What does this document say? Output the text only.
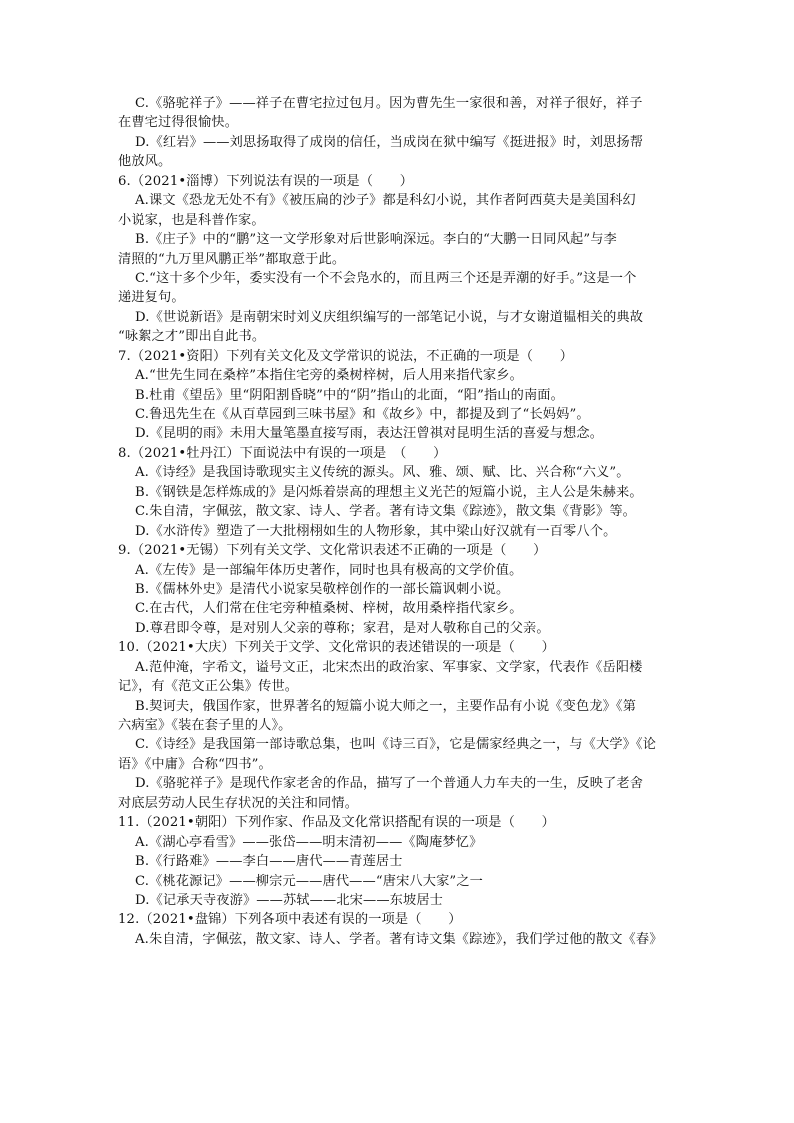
C.《骆驼祥子》——祥子在曹宅拉过包月。因为曹先生一家很和善，对祥子很好，祥子
在曹宅过得很愉快。
D.《红岩》——刘思扬取得了成岗的信任，当成岗在狱中编写《挺进报》时，刘思扬帮
他放风。
6.（2021•淄博）下列说法有误的一项是（　　）
A.课文《恐龙无处不有》《被压扁的沙子》都是科幻小说，其作者阿西莫夫是美国科幻
小说家，也是科普作家。
B.《庄子》中的“鹏”这一文学形象对后世影响深远。李白的“大鹏一日同风起”与李
清照的“九万里风鹏正举”都取意于此。
C.“这十多个少年，委实没有一个不会凫水的，而且两三个还是弄潮的好手。”这是一个
递进复句。
D.《世说新语》是南朝宋时刘义庆组织编写的一部笔记小说，与才女谢道韫相关的典故
“咏絮之才”即出自此书。
7.（2021•资阳）下列有关文化及文学常识的说法，不正确的一项是（　　）
A.“世先生同在桑梓”本指住宅旁的桑树梓树，后人用来指代家乡。
B.杜甫《望岳》里“阴阳割昏晓”中的“阴”指山的北面，“阳”指山的南面。
C.鲁迅先生在《从百草园到三味书屋》和《故乡》中，都提及到了“长妈妈”。
D.《昆明的雨》未用大量笔墨直接写雨，表达汪曾祺对昆明生活的喜爱与想念。
8.（2021•牡丹江）下面说法中有误的一项是　（　　）
A.《诗经》是我国诗歌现实主义传统的源头。风、雅、颂、赋、比、兴合称“六义”。
B.《钢铁是怎样炼成的》是闪烁着崇高的理想主义光芒的短篇小说，主人公是朱赫来。
C.朱自清，字佩弦，散文家、诗人、学者。著有诗文集《踪迹》，散文集《背影》等。
D.《水浒传》塑造了一大批栩栩如生的人物形象，其中梁山好汉就有一百零八个。
9.（2021•无锡）下列有关文学、文化常识表述不正确的一项是（　　）
A.《左传》是一部编年体历史著作，同时也具有极高的文学价值。
B.《儒林外史》是清代小说家吴敬梓创作的一部长篇讽刺小说。
C.在古代，人们常在住宅旁种植桑树、梓树，故用桑梓指代家乡。
D.尊君即令尊，是对别人父亲的尊称；家君，是对人敬称自己的父亲。
10.（2021•大庆）下列关于文学、文化常识的表述错误的一项是（　　）
A.范仲淹，字希文，谥号文正，北宋杰出的政治家、军事家、文学家，代表作《岳阳楼
记》，有《范文正公集》传世。
B.契诃夫，俄国作家，世界著名的短篇小说大师之一，主要作品有小说《变色龙》《第
六病室》《装在套子里的人》。
C.《诗经》是我国第一部诗歌总集，也叫《诗三百》，它是儒家经典之一，与《大学》《论
语》《中庸》合称“四书”。
D.《骆驼祥子》是现代作家老舍的作品，描写了一个普通人力车夫的一生，反映了老舍
对底层劳动人民生存状况的关注和同情。
11.（2021•朝阳）下列作家、作品及文化常识搭配有误的一项是（　　）
A.《湖心亭看雪》——张岱——明末清初——《陶庵梦忆》
B.《行路难》——李白——唐代——青莲居士
C.《桃花源记》——柳宗元——唐代——“唐宋八大家”之一
D.《记承天寺夜游》——苏轼——北宋——东坡居士
12.（2021•盘锦）下列各项中表述有误的一项是（　　）
A.朱自清，字佩弦，散文家、诗人、学者。著有诗文集《踪迹》，我们学过他的散文《春》
